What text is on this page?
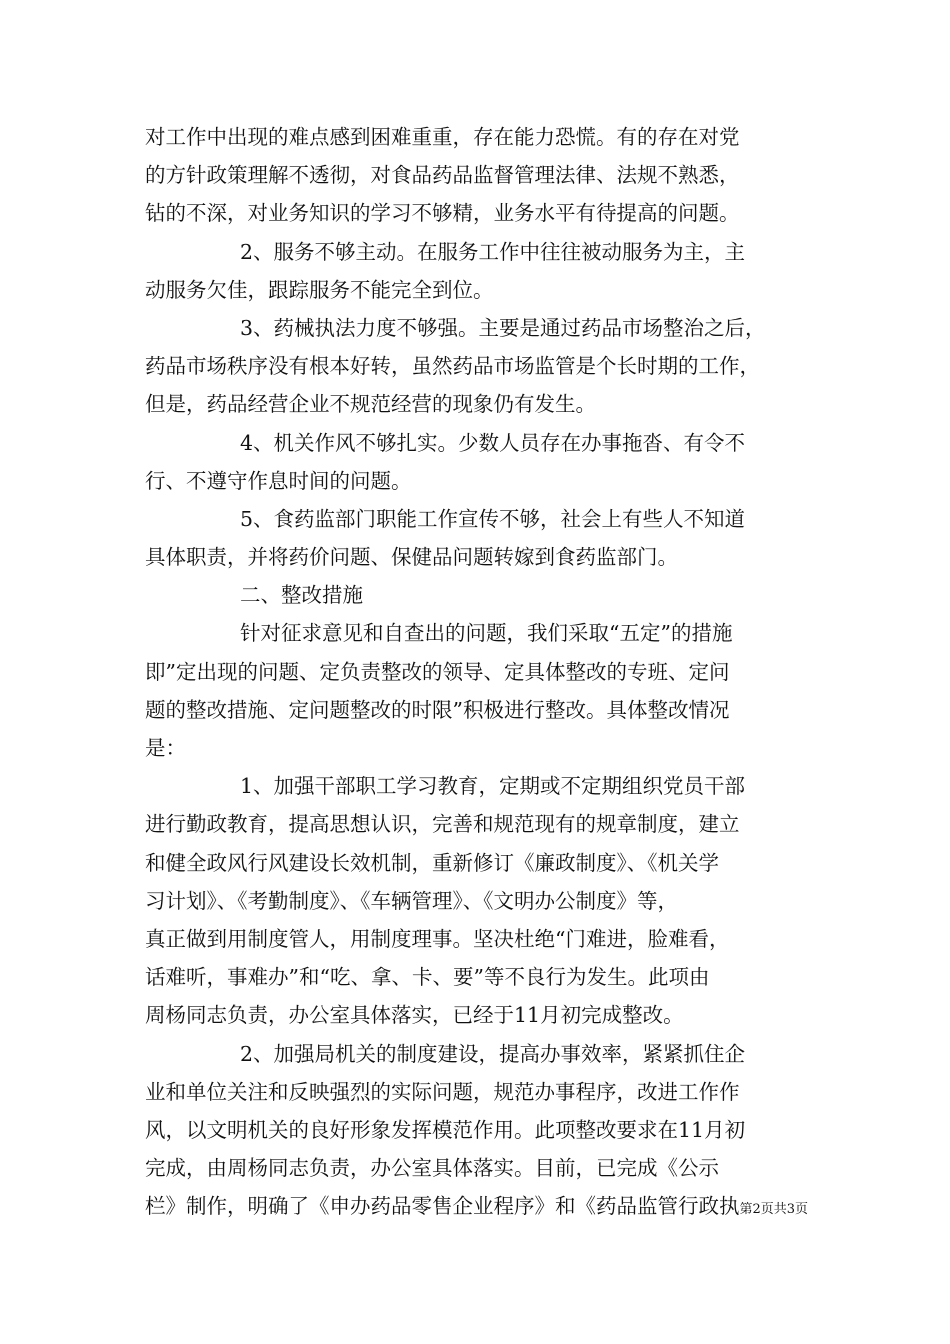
对工作中出现的难点感到困难重重，存在能力恐慌。有的存在对党
的方针政策理解不透彻，对食品药品监督管理法律、法规不熟悉，
钻的不深，对业务知识的学习不够精，业务水平有待提高的问题。
2、服务不够主动。在服务工作中往往被动服务为主，主
动服务欠佳，跟踪服务不能完全到位。
3、药械执法力度不够强。主要是通过药品市场整治之后，
药品市场秩序没有根本好转，虽然药品市场监管是个长时期的工作，
但是，药品经营企业不规范经营的现象仍有发生。
4、机关作风不够扎实。少数人员存在办事拖沓、有令不
行、不遵守作息时间的问题。
5、食药监部门职能工作宣传不够，社会上有些人不知道
具体职责，并将药价问题、保健品问题转嫁到食药监部门。
二、整改措施
针对征求意见和自查出的问题，我们采取“五定”的措施
即”定出现的问题、定负责整改的领导、定具体整改的专班、定问
题的整改措施、定问题整改的时限”积极进行整改。具体整改情况
是：
1、加强干部职工学习教育，定期或不定期组织党员干部
进行勤政教育，提高思想认识，完善和规范现有的规章制度，建立
和健全政风行风建设长效机制，重新修订《廉政制度》、《机关学
习计划》、《考勤制度》、《车辆管理》、《文明办公制度》等，
真正做到用制度管人，用制度理事。坚决杜绝“门难进，脸难看，
话难听，事难办”和“吃、拿、卡、要”等不良行为发生。此项由
周杨同志负责，办公室具体落实，已经于11月初完成整改。
2、加强局机关的制度建设，提高办事效率，紧紧抓住企
业和单位关注和反映强烈的实际问题，规范办事程序，改进工作作
风，以文明机关的良好形象发挥模范作用。此项整改要求在11月初
完成，由周杨同志负责，办公室具体落实。目前，已完成《公示
栏》制作，明确了《申办药品零售企业程序》和《药品监管行政执 第2页共3页
